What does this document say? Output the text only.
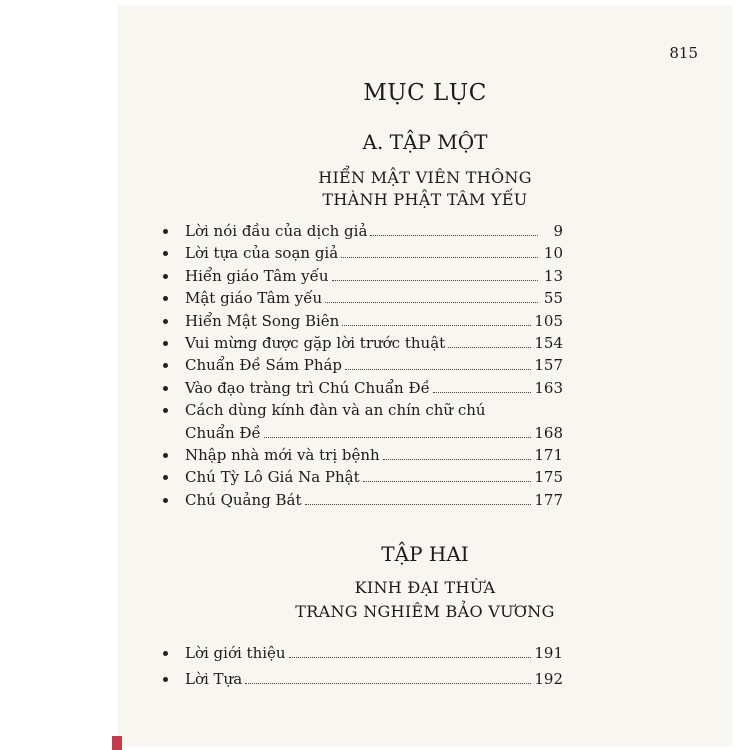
815
MỤC LỤC
A. TẬP MỘT
HIỂN MẬT VIÊN THÔNG
THÀNH PHẬT TÂM YẾU
Lời nói đầu của dịch giả	9
Lời tựa của soạn giả	10
Hiển giáo Tâm yếu	13
Mật giáo Tâm yếu	55
Hiển Mật Song Biên	105
Vui mừng được gặp lời trước thuật	154
Chuẩn Đề Sám Pháp	157
Vào đạo tràng trì Chú Chuẩn Đề	163
Cách dùng kính đàn và an chín chữ chú
Chuẩn Đề	168
Nhập nhà mới và trị bệnh	171
Chú Tỳ Lô Giá Na Phật	175
Chú Quảng Bát	177
TẬP HAI
KINH ĐẠI THỪA
TRANG NGHIÊM BẢO VƯƠNG
Lời giới thiệu	191
Lời Tựa	192
